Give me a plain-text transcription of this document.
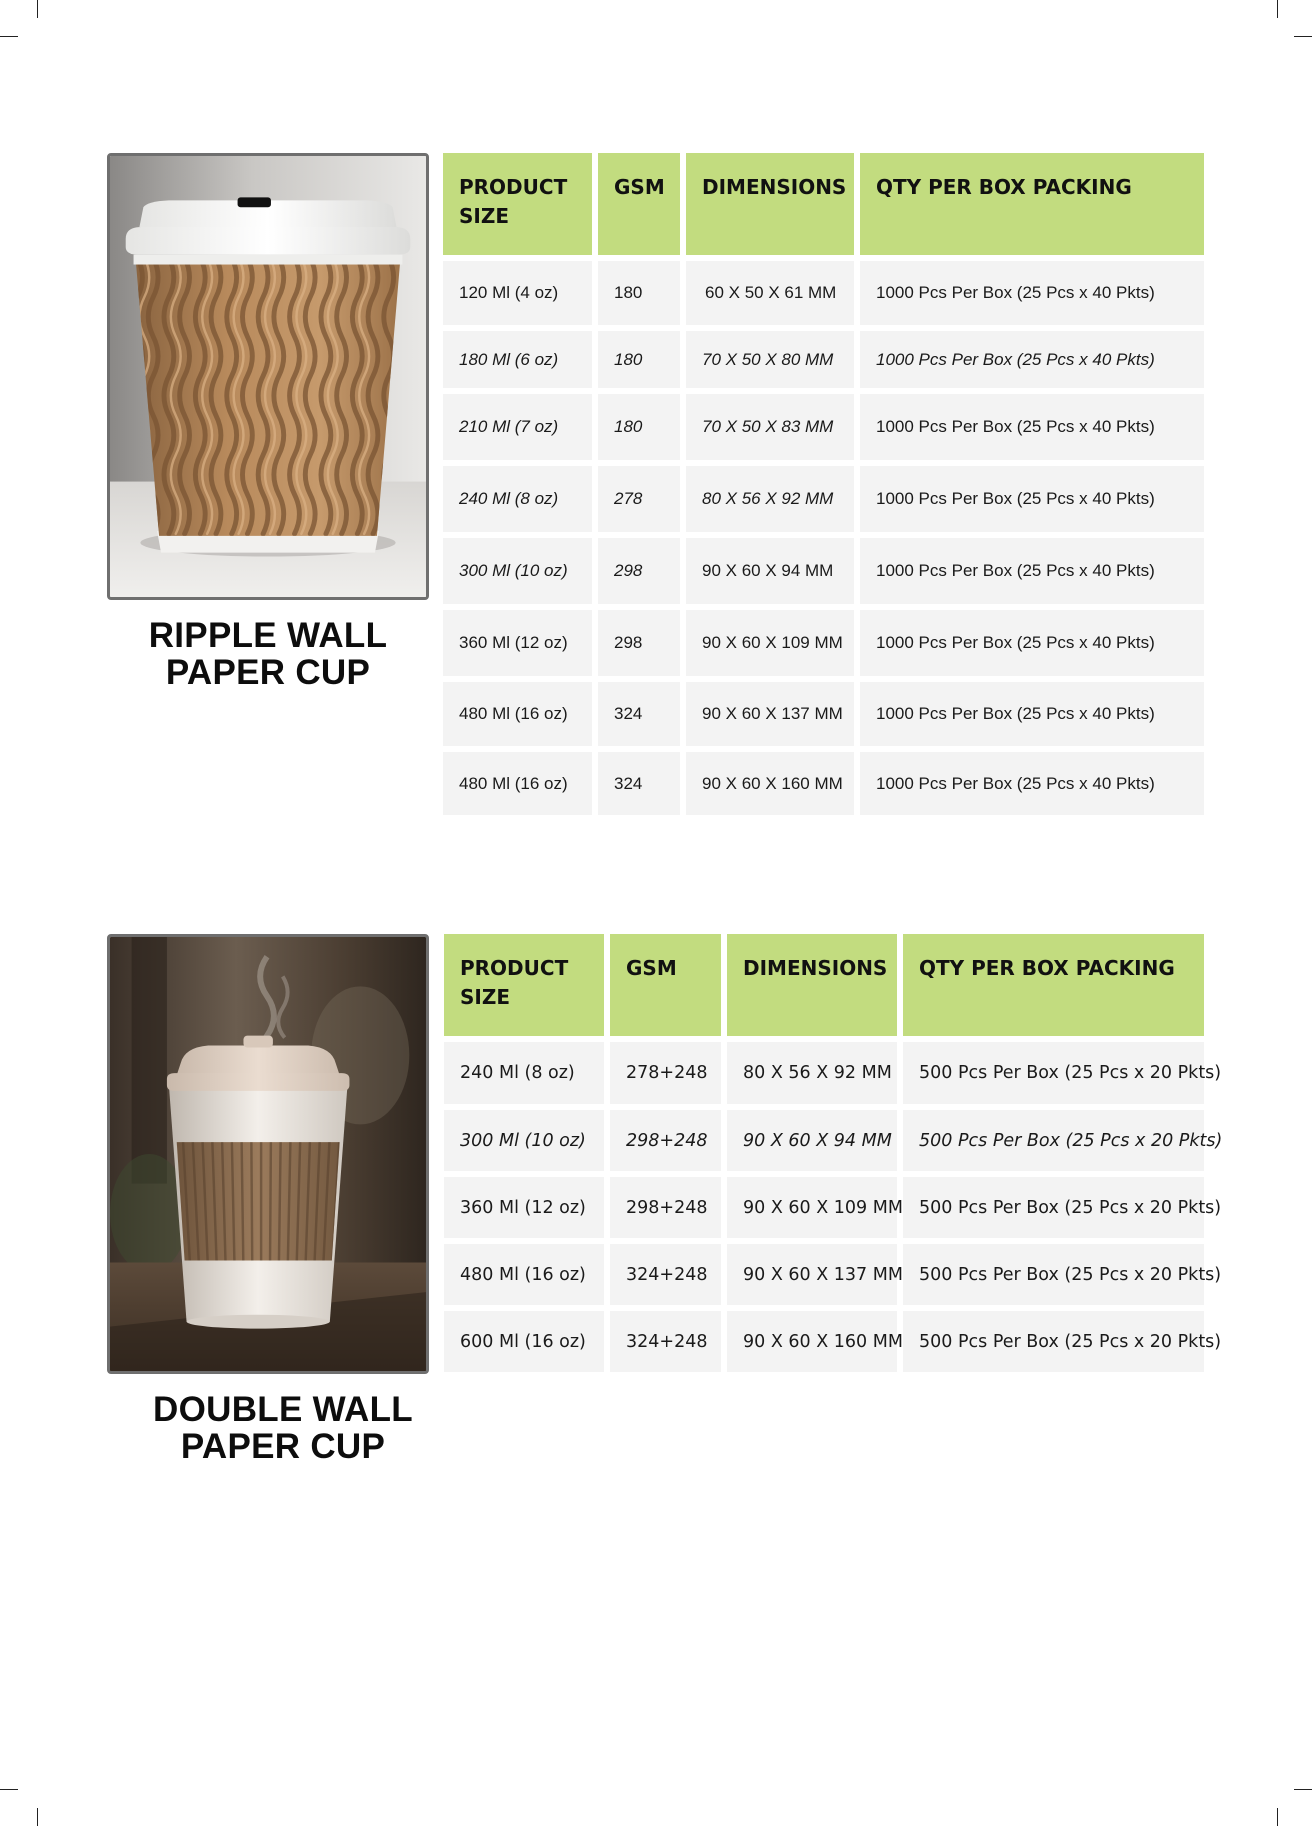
RIPPLE WALL
PAPER CUP
PRODUCT SIZE	GSM	DIMENSIONS	QTY PER BOX PACKING
120 Ml (4 oz)	180	60 X 50 X 61 MM	1000 Pcs Per Box (25 Pcs x 40 Pkts)
180 Ml (6 oz)	180	70 X 50 X 80 MM	1000 Pcs Per Box (25 Pcs x 40 Pkts)
210 Ml (7 oz)	180	70 X 50 X 83 MM	1000 Pcs Per Box (25 Pcs x 40 Pkts)
240 Ml (8 oz)	278	80 X 56 X 92 MM	1000 Pcs Per Box (25 Pcs x 40 Pkts)
300 Ml (10 oz)	298	90 X 60 X 94 MM	1000 Pcs Per Box (25 Pcs x 40 Pkts)
360 Ml (12 oz)	298	90 X 60 X 109 MM	1000 Pcs Per Box (25 Pcs x 40 Pkts)
480 Ml (16 oz)	324	90 X 60 X 137 MM	1000 Pcs Per Box (25 Pcs x 40 Pkts)
480 Ml (16 oz)	324	90 X 60 X 160 MM	1000 Pcs Per Box (25 Pcs x 40 Pkts)
DOUBLE WALL
PAPER CUP
PRODUCT SIZE	GSM	DIMENSIONS	QTY PER BOX PACKING
240 Ml (8 oz)	278+248	80 X 56 X 92 MM	500 Pcs Per Box (25 Pcs x 20 Pkts)
300 Ml (10 oz)	298+248	90 X 60 X 94 MM	500 Pcs Per Box (25 Pcs x 20 Pkts)
360 Ml (12 oz)	298+248	90 X 60 X 109 MM	500 Pcs Per Box (25 Pcs x 20 Pkts)
480 Ml (16 oz)	324+248	90 X 60 X 137 MM	500 Pcs Per Box (25 Pcs x 20 Pkts)
600 Ml (16 oz)	324+248	90 X 60 X 160 MM	500 Pcs Per Box (25 Pcs x 20 Pkts)
